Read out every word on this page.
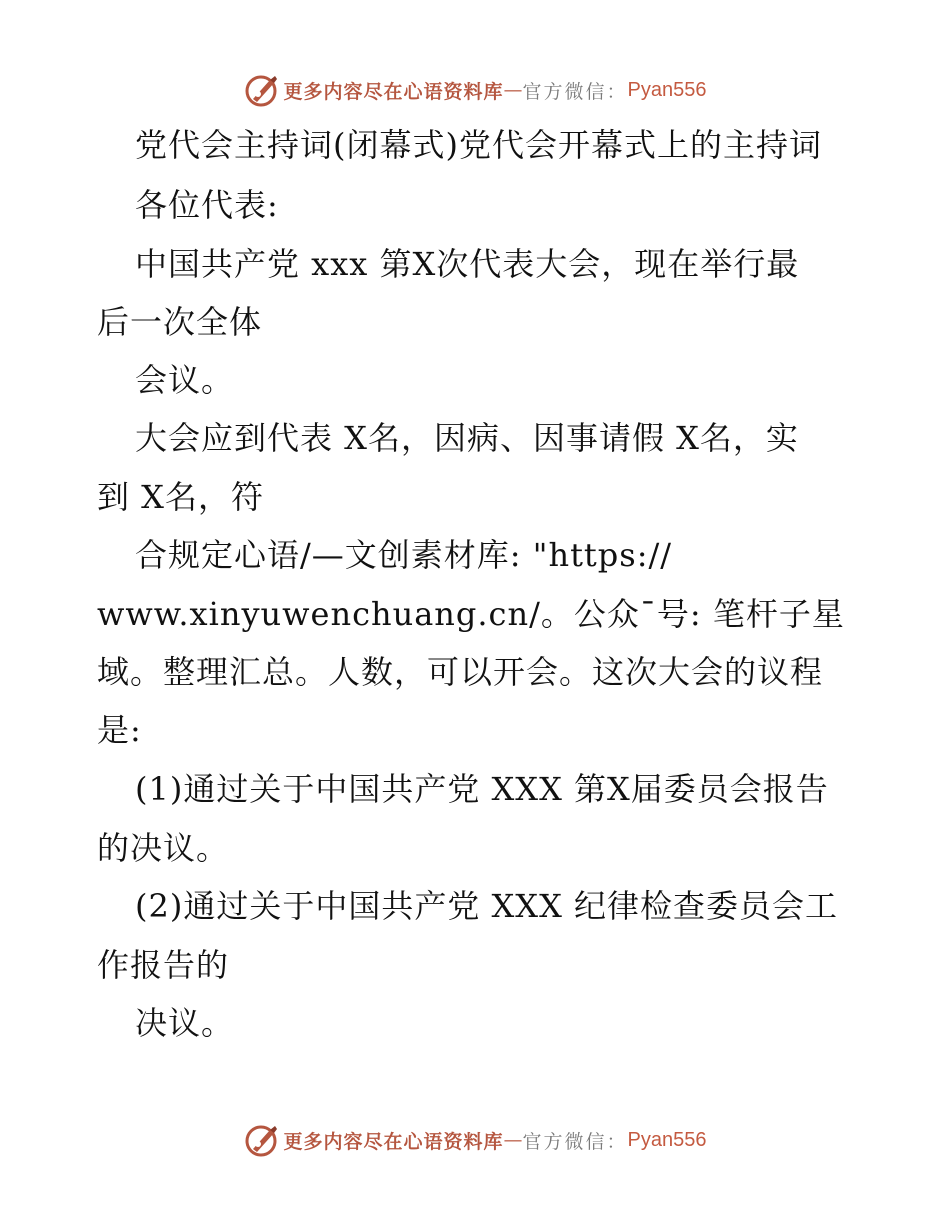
更多内容尽在心语资料库 — 官方微信： Pyan556
党代会主持词(闭幕式)党代会开幕式上的主持词
各位代表:
中国共产党 xxx 第X次代表大会，现在举行最
后一次全体
会议。
大会应到代表 X名，因病、因事请假 X名，实
到 X名，符
合规定心语/—文创素材库: "https://
www.xinyuwenchuang.cn/。公众¯号: 笔杆子星
域。整理汇总。人数，可以开会。这次大会的议程
是:
(1)通过关于中国共产党 XXX 第X届委员会报告
的决议。
(2)通过关于中国共产党 XXX 纪律检查委员会工
作报告的
决议。
更多内容尽在心语资料库 — 官方微信： Pyan556
